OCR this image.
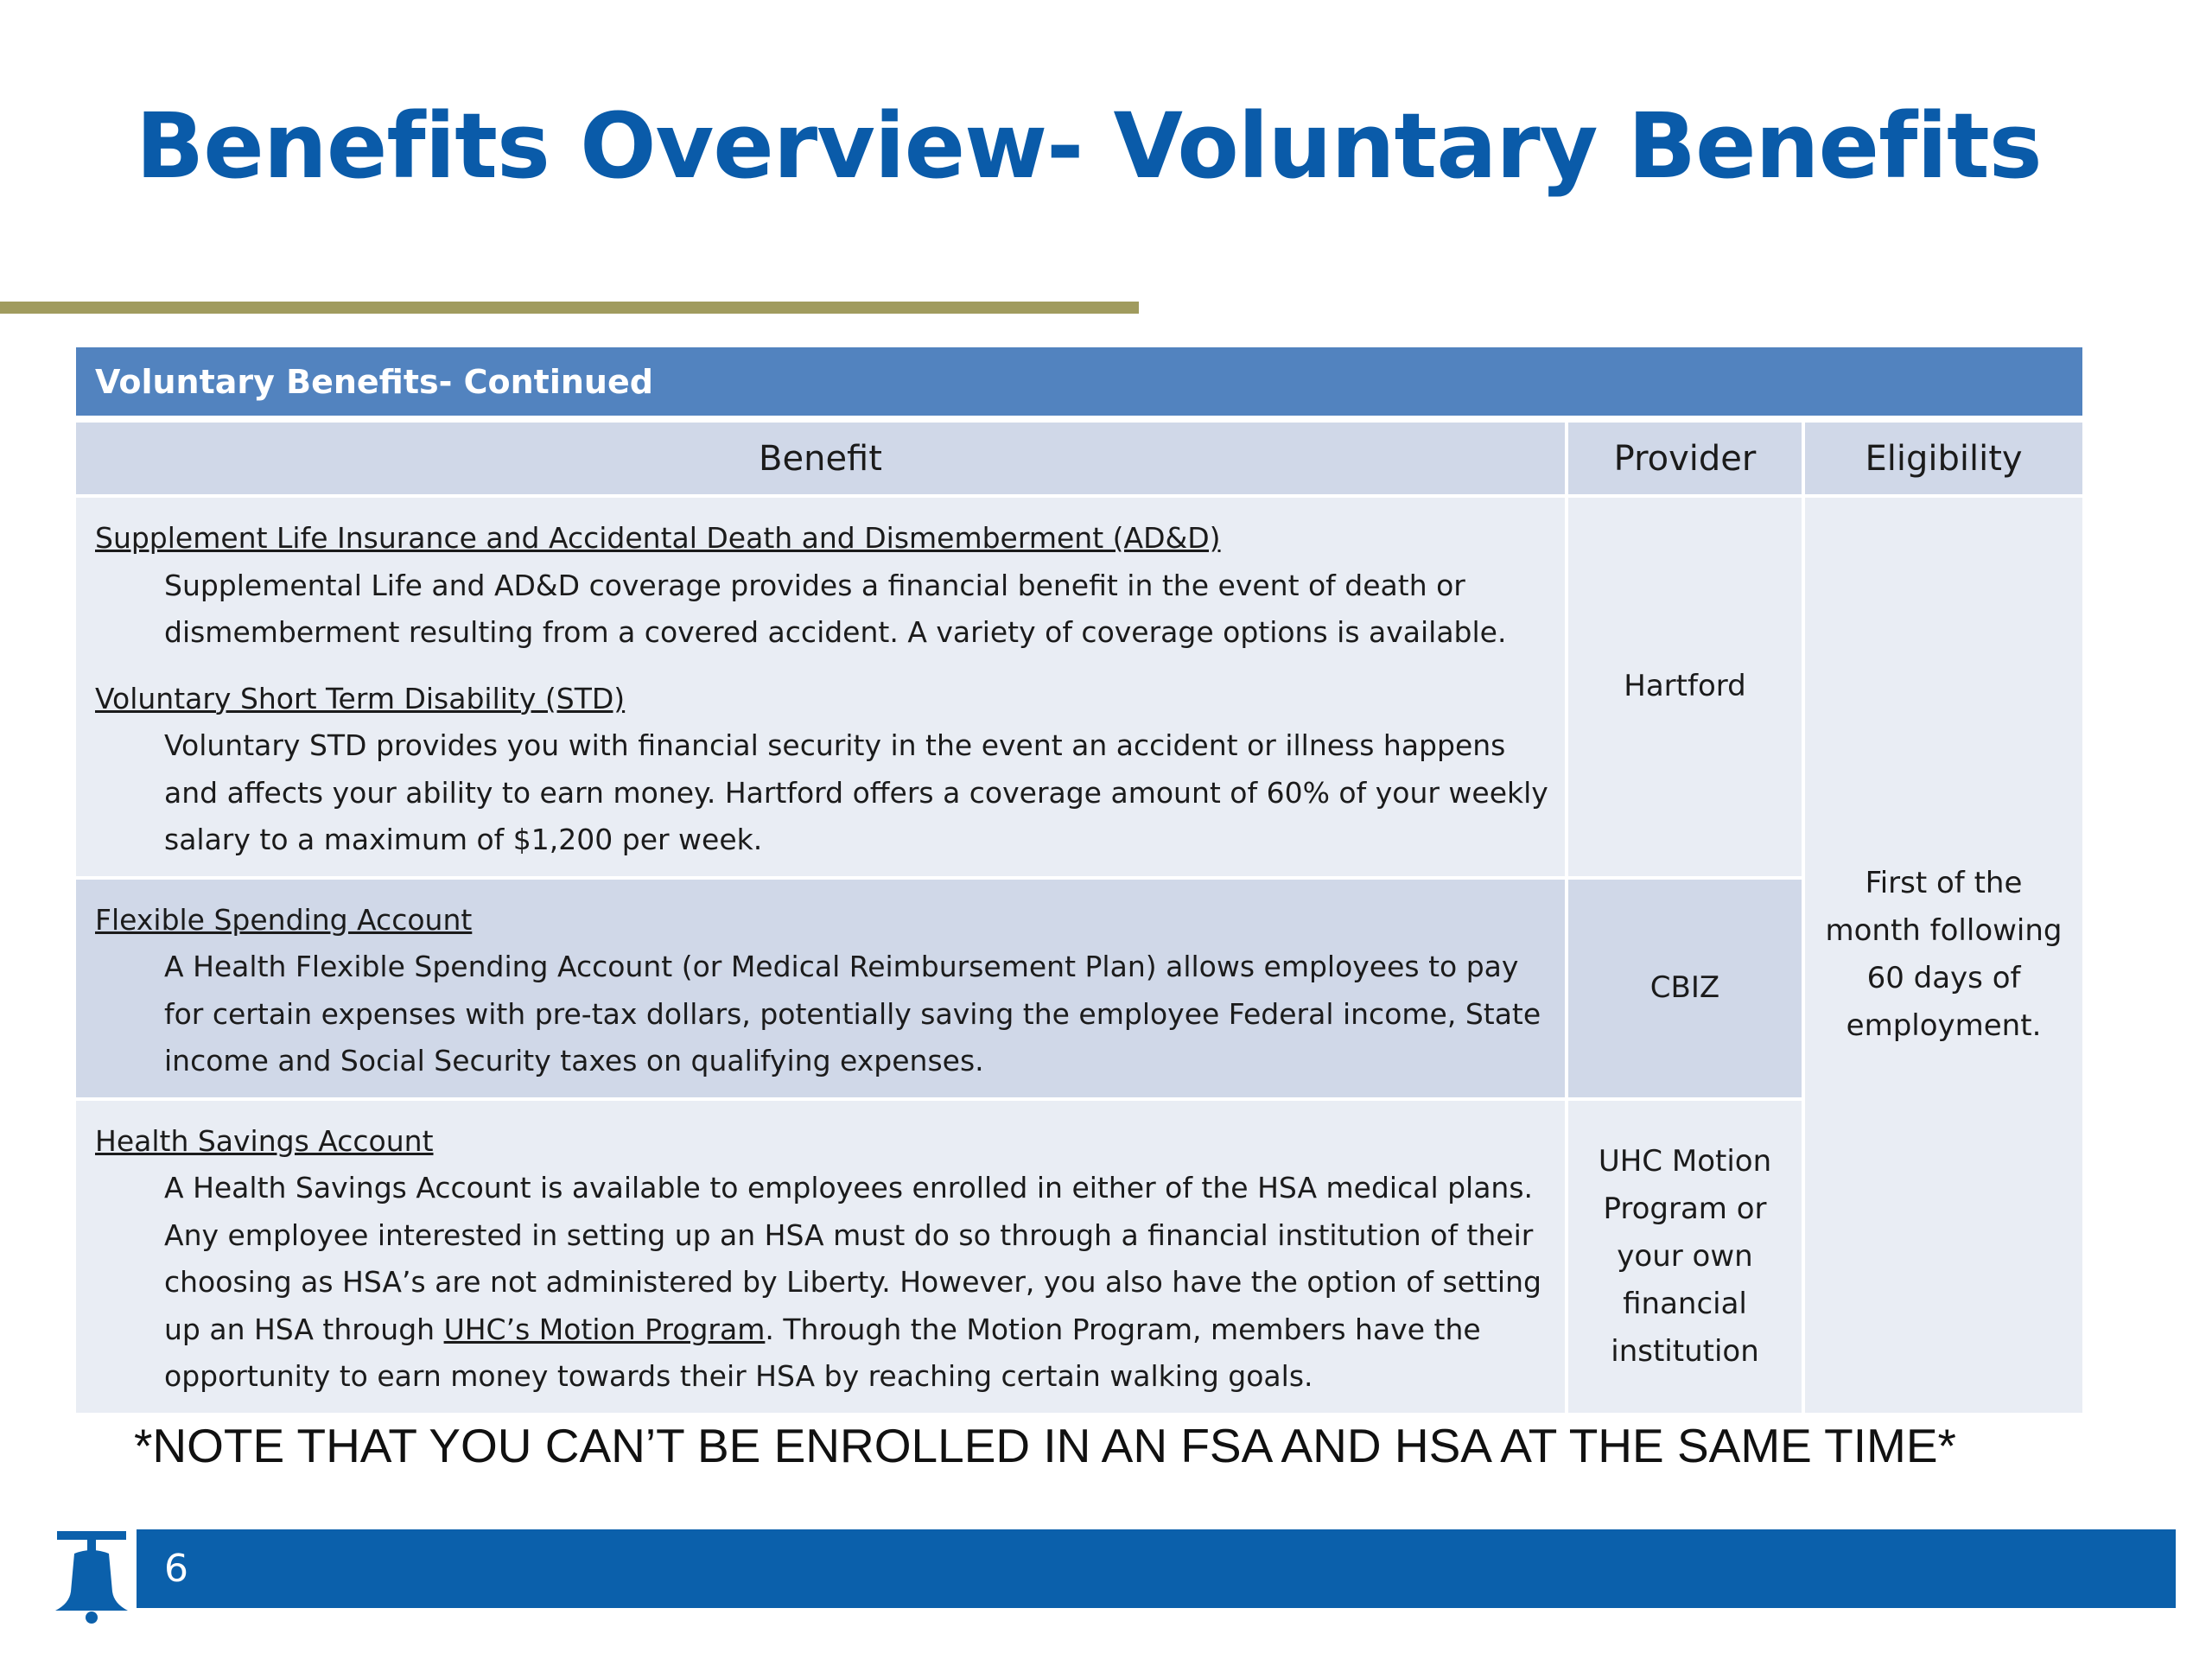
Benefits Overview- Voluntary Benefits
Voluntary Benefits- Continued		
Benefit	Provider	Eligibility

Supplement Life Insurance and Accidental Death and Dismemberment (AD&D)
Supplemental Life and AD&D coverage provides a financial benefit in the event of death or dismemberment resulting from a covered accident. A variety of coverage options is available.
Voluntary Short Term Disability (STD)
Voluntary STD provides you with financial security in the event an accident or illness happens and affects your ability to earn money. Hartford offers a coverage amount of 60% of your weekly salary to a maximum of $1,200 per week.	Hartford	First of the month following 60 days of employment.

Flexible Spending Account
A Health Flexible Spending Account (or Medical Reimbursement Plan) allows employees to pay for certain expenses with pre-tax dollars, potentially saving the employee Federal income, State income and Social Security taxes on qualifying expenses.	CBIZ	

Health Savings Account
A Health Savings Account is available to employees enrolled in either of the HSA medical plans. Any employee interested in setting up an HSA must do so through a financial institution of their choosing as HSA’s are not administered by Liberty. However, you also have the option of setting up an HSA through UHC’s Motion Program. Through the Motion Program, members have the opportunity to earn money towards their HSA by reaching certain walking goals.	UHC Motion Program or your own financial institution	

*NOTE THAT YOU CAN’T BE ENROLLED IN AN FSA AND HSA AT THE SAME TIME*

6
